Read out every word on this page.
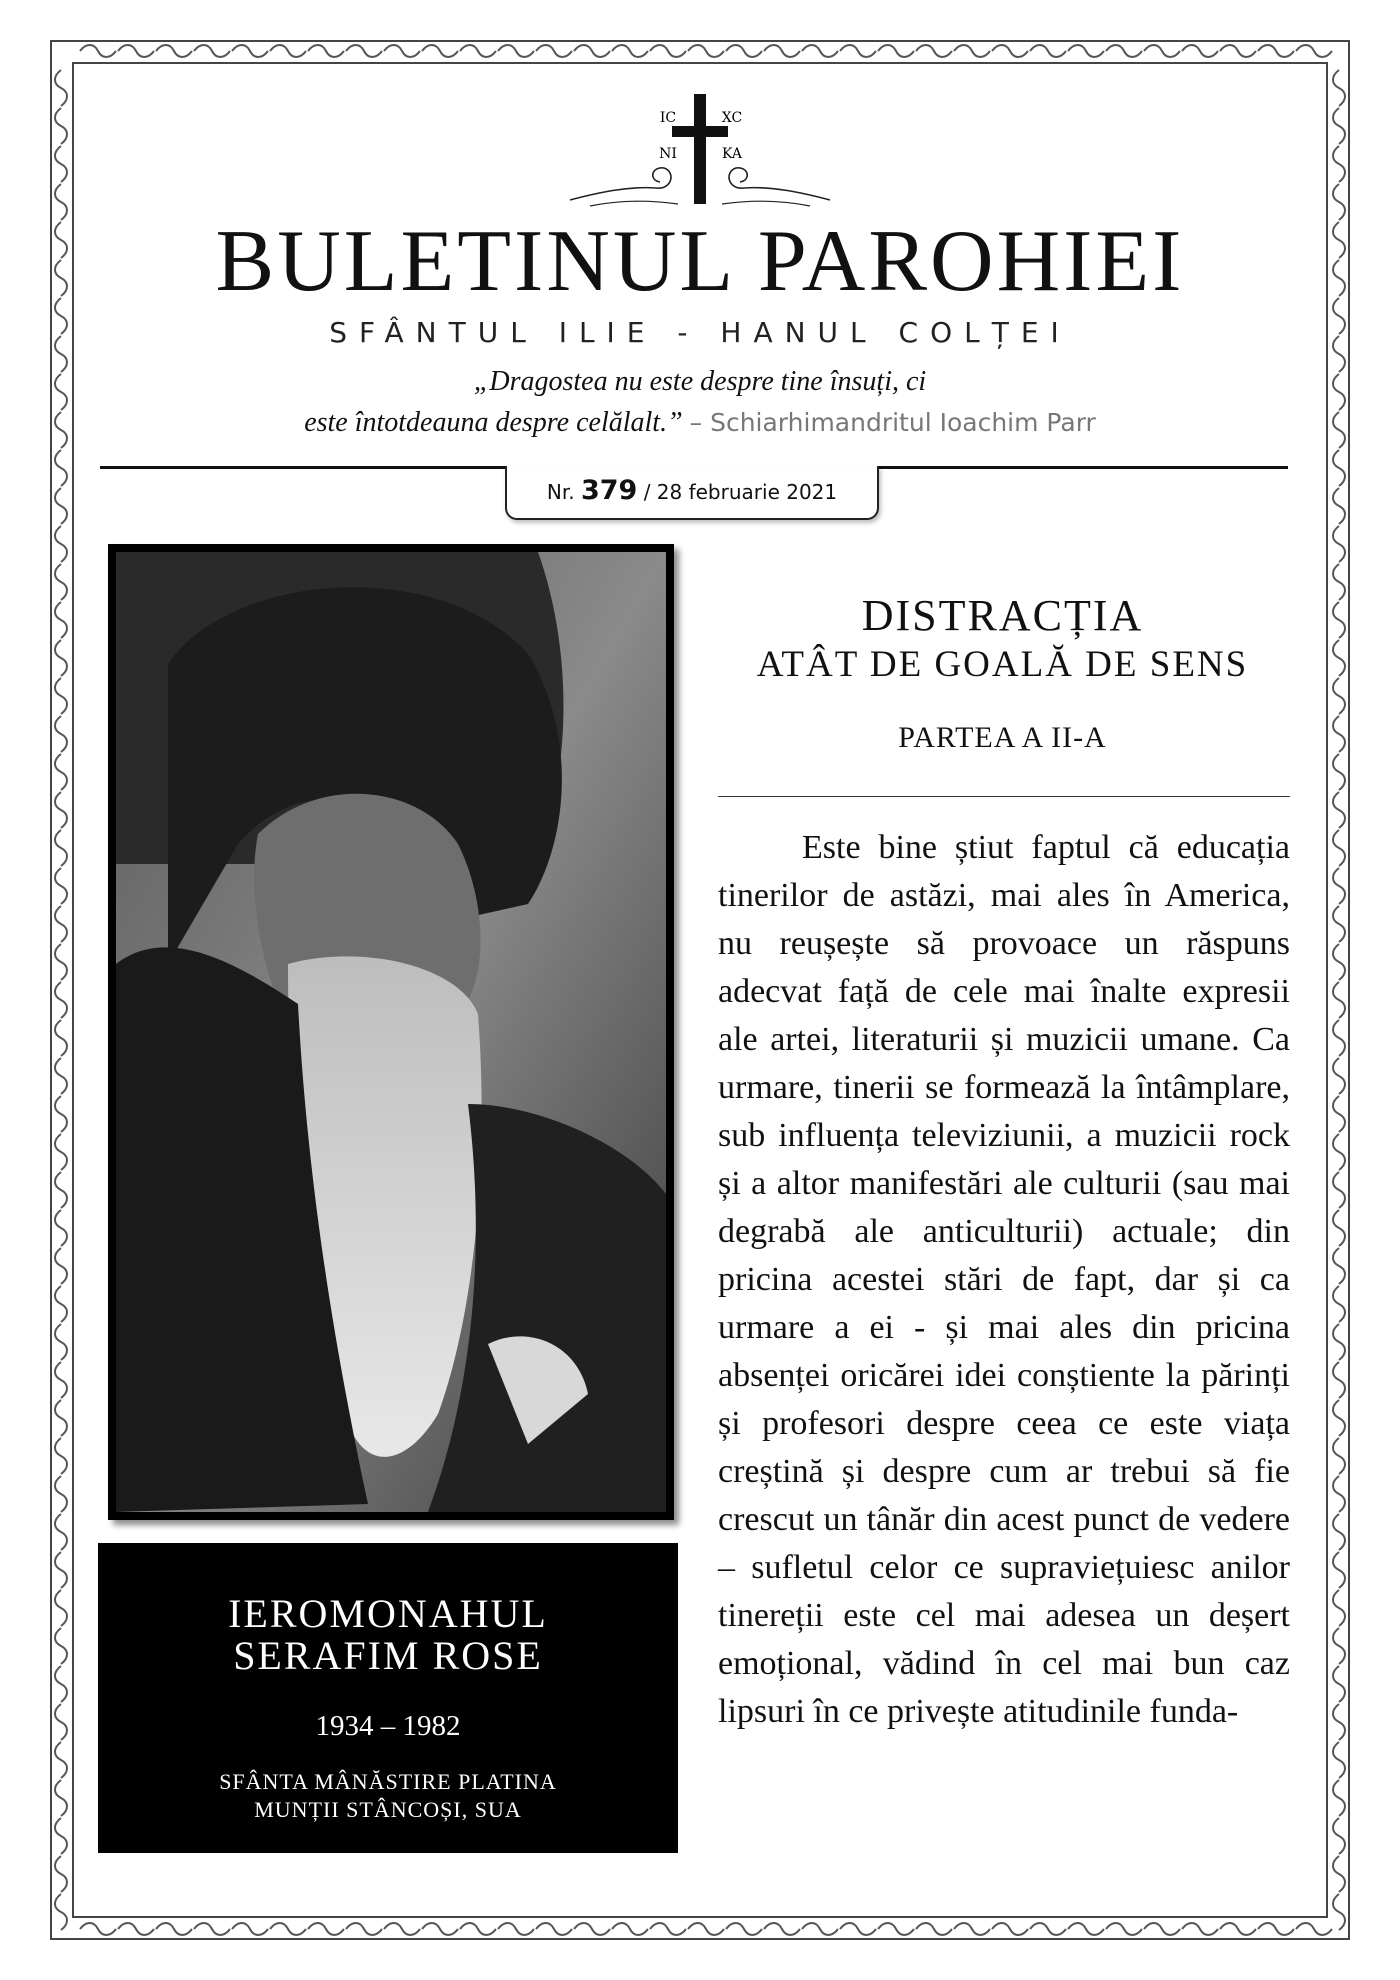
IC	XC
NI	KA
BULETINUL PAROHIEI
SFÂNTUL ILIE - HANUL COLȚEI
„Dragostea nu este despre tine însuți, ci
este întotdeauna despre celălalt.” – Schiarhimandritul Ioachim Parr
Nr. 379 / 28 februarie 2021
IEROMONAHUL
SERAFIM ROSE
1934 – 1982
SFÂNTA MÂNĂSTIRE PLATINA
MUNȚII STÂNCOȘI, SUA
DISTRACȚIA
ATÂT DE GOALĂ DE SENS
PARTEA A II-A

Este bine știut faptul că educația tinerilor de astăzi, mai ales în America, nu reușește să provoace un răspuns adecvat față de cele mai înalte expresii ale artei, literaturii și muzicii umane. Ca urmare, tinerii se formează la întâmplare, sub influența televiziunii, a muzicii rock și a altor manifestări ale culturii (sau mai degrabă ale anticulturii) actuale; din pricina acestei stări de fapt, dar și ca urmare a ei - și mai ales din pricina absenței oricărei idei conștiente la părinți și profesori despre ceea ce este viața creștină și despre cum ar trebui să fie crescut un tânăr din acest punct de vedere – sufletul celor ce supraviețuiesc anilor tinereții este cel mai adesea un deșert emoțional, vădind în cel mai bun caz lipsuri în ce privește atitudinile funda-
